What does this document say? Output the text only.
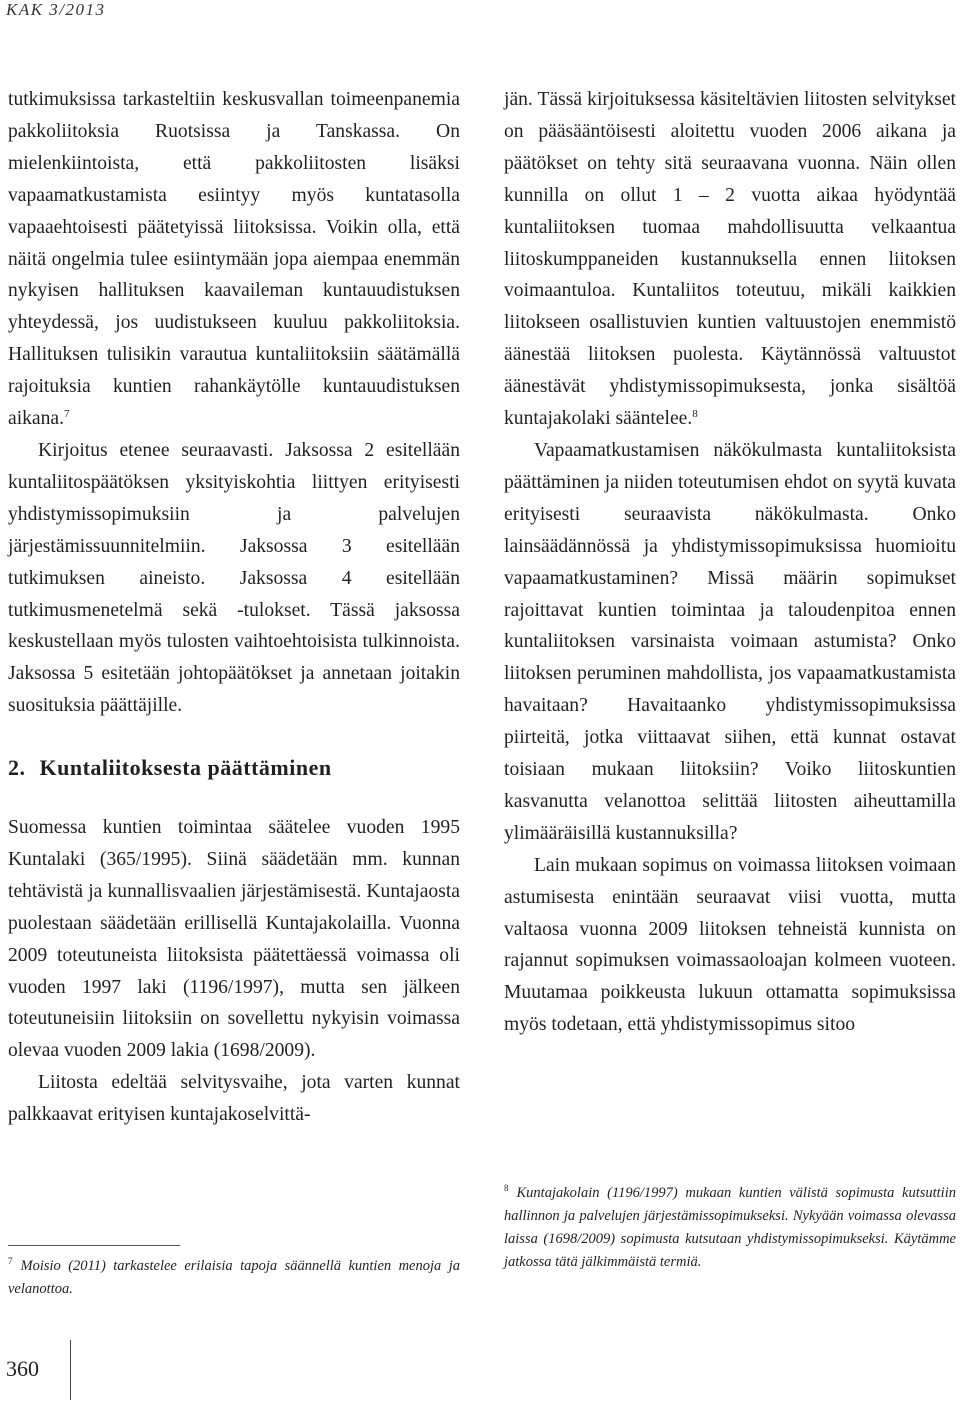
KAK 3/2013

tutkimuksissa tarkasteltiin keskusvallan toimeenpanemia pakkoliitoksia Ruotsissa ja Tanskassa. On mielenkiintoista, että pakkoliitosten lisäksi vapaamatkustamista esiintyy myös kuntatasolla vapaaehtoisesti päätetyissä liitoksissa. Voikin olla, että näitä ongelmia tulee esiintymään jopa aiempaa enemmän nykyisen hallituksen kaavaileman kuntauudistuksen yhteydessä, jos uudistukseen kuuluu pakkoliitoksia. Hallituksen tulisikin varautua kuntaliitoksiin säätämällä rajoituksia kuntien rahankäytölle kuntauudistuksen aikana.$^7$

Kirjoitus etenee seuraavasti. Jaksossa 2 esitellään kuntaliitospäätöksen yksityiskohtia liittyen erityisesti yhdistymissopimuksiin ja palvelujen järjestämissuunnitelmiin. Jaksossa 3 esitellään tutkimuksen aineisto. Jaksossa 4 esitellään tutkimusmenetelmä sekä -tulokset. Tässä jaksossa keskustellaan myös tulosten vaihtoehtoisista tulkinnoista. Jaksossa 5 esitetään johtopäätökset ja annetaan joitakin suosituksia päättäjille.

2. Kuntaliitoksesta päättäminen

Suomessa kuntien toimintaa säätelee vuoden 1995 Kuntalaki (365/1995). Siinä säädetään mm. kunnan tehtävistä ja kunnallisvaalien järjestämisestä. Kuntajaosta puolestaan säädetään erillisellä Kuntajakolailla. Vuonna 2009 toteutuneista liitoksista päätettäessä voimassa oli vuoden 1997 laki (1196/1997), mutta sen jälkeen toteutuneisiin liitoksiin on sovellettu nykyisin voimassa olevaa vuoden 2009 lakia (1698/2009).

Liitosta edeltää selvitysvaihe, jota varten kunnat palkkaavat erityisen kuntajakoselvittä-

$^7$ Moisio (2011) tarkastelee erilaisia tapoja säännellä kuntien menoja ja velanottoa.

jän. Tässä kirjoituksessa käsiteltävien liitosten selvitykset on pääsääntöisesti aloitettu vuoden 2006 aikana ja päätökset on tehty sitä seuraavana vuonna. Näin ollen kunnilla on ollut 1 – 2 vuotta aikaa hyödyntää kuntaliitoksen tuomaa mahdollisuutta velkaantua liitoskumppaneiden kustannuksella ennen liitoksen voimaantuloa. Kuntaliitos toteutuu, mikäli kaikkien liitokseen osallistuvien kuntien valtuustojen enemmistö äänestää liitoksen puolesta. Käytännössä valtuustot äänestävät yhdistymissopimuksesta, jonka sisältöä kuntajakolaki sääntelee.$^8$

Vapaamatkustamisen näkökulmasta kuntaliitoksista päättäminen ja niiden toteutumisen ehdot on syytä kuvata erityisesti seuraavista näkökulmasta. Onko lainsäädännössä ja yhdistymissopimuksissa huomioitu vapaamatkustaminen? Missä määrin sopimukset rajoittavat kuntien toimintaa ja taloudenpitoa ennen kuntaliitoksen varsinaista voimaan astumista? Onko liitoksen peruminen mahdollista, jos vapaamatkustamista havaitaan? Havaitaanko yhdistymissopimuksissa piirteitä, jotka viittaavat siihen, että kunnat ostavat toisiaan mukaan liitoksiin? Voiko liitoskuntien kasvanutta velanottoa selittää liitosten aiheuttamilla ylimääräisillä kustannuksilla?

Lain mukaan sopimus on voimassa liitoksen voimaan astumisesta enintään seuraavat viisi vuotta, mutta valtaosa vuonna 2009 liitoksen tehneistä kunnista on rajannut sopimuksen voimassaoloajan kolmeen vuoteen. Muutamaa poikkeusta lukuun ottamatta sopimuksissa myös todetaan, että yhdistymissopimus sitoo

$^8$ Kuntajakolain (1196/1997) mukaan kuntien välistä sopimusta kutsuttiin hallinnon ja palvelujen järjestämissopimukseksi. Nykyään voimassa olevassa laissa (1698/2009) sopimusta kutsutaan yhdistymissopimukseksi. Käytämme jatkossa tätä jälkimmäistä termiä.
360
